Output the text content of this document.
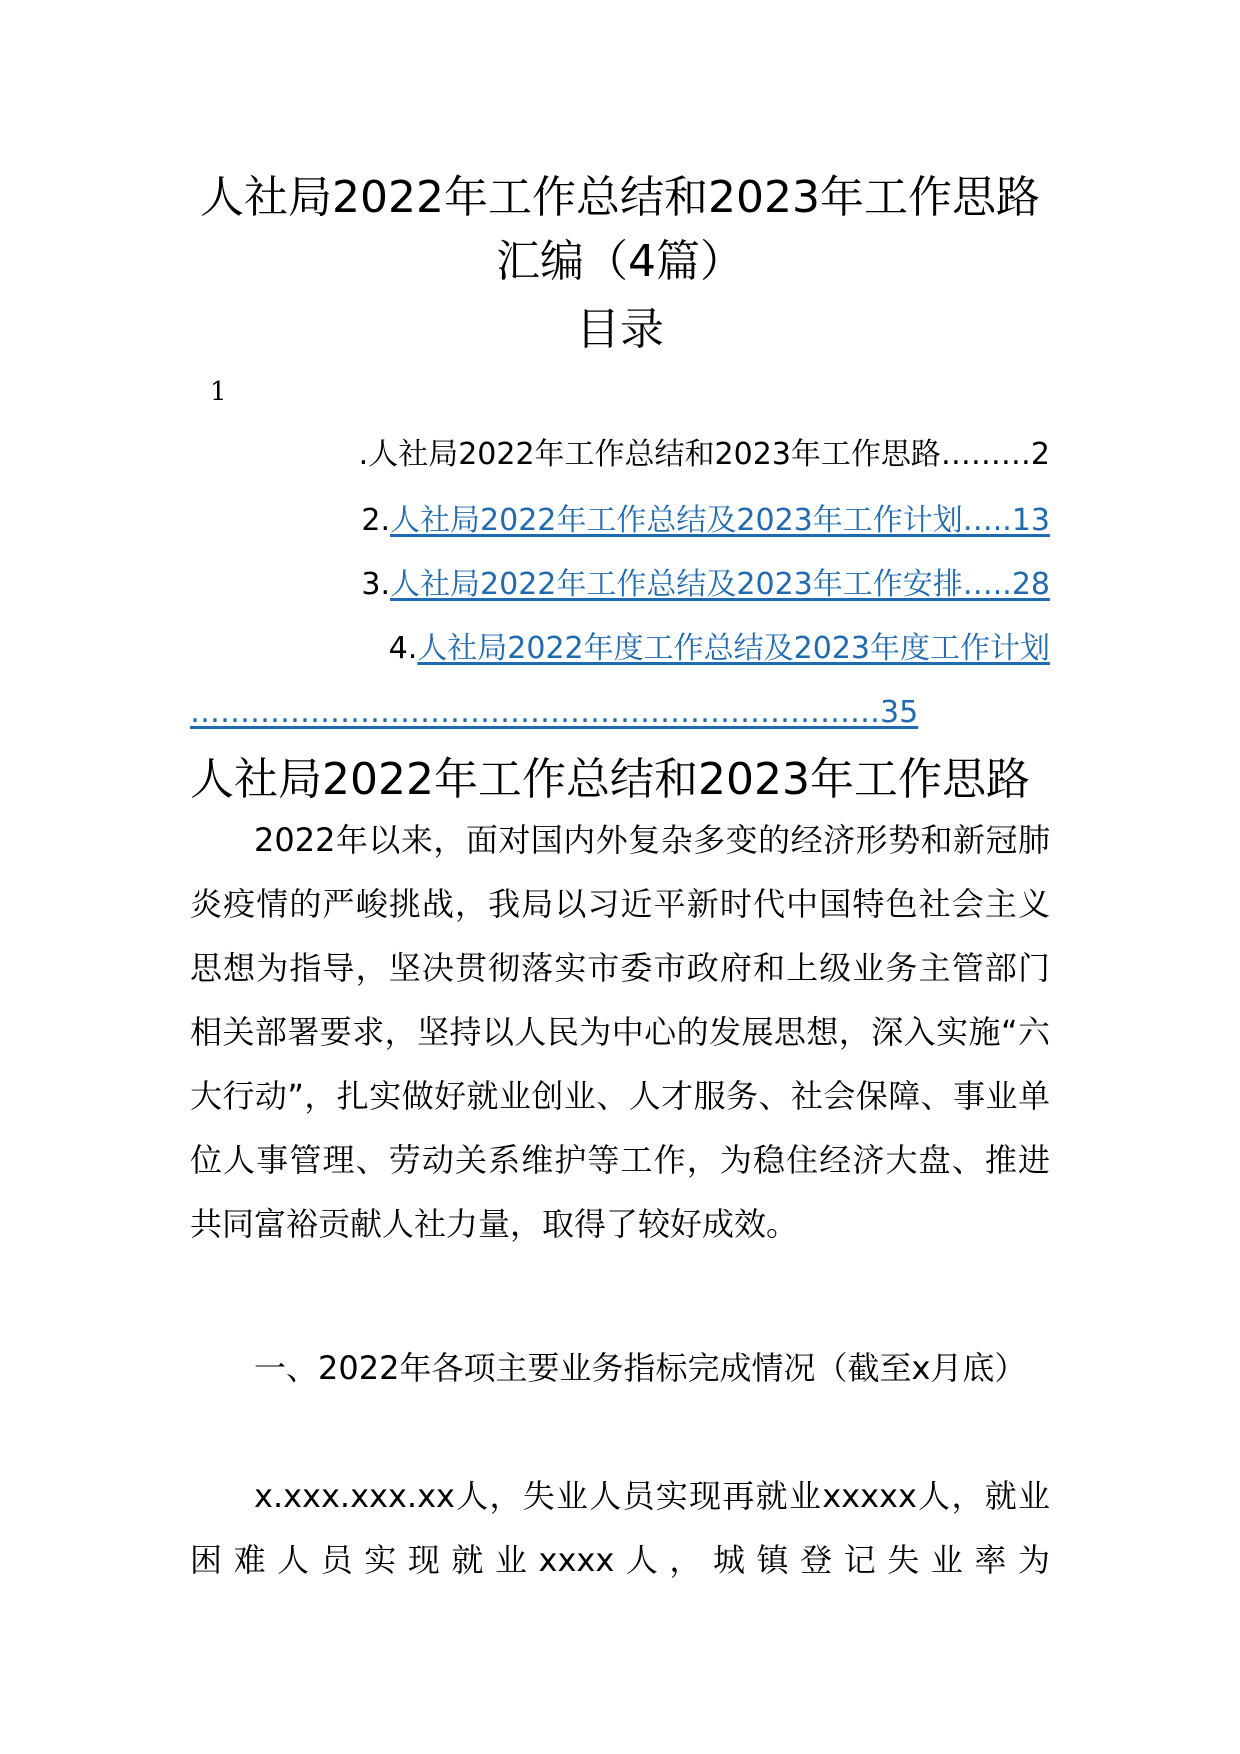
人社局2022年工作总结和2023年工作思路
汇编（4篇）
目录
1
.人社局2022年工作总结和2023年工作思路………2
2.人社局2022年工作总结及2023年工作计划…..13
3.人社局2022年工作总结及2023年工作安排…..28
4.人社局2022年度工作总结及2023年度工作计划
……………………………………………………………35
人社局2022年工作总结和2023年工作思路
2022年以来，面对国内外复杂多变的经济形势和新冠肺炎疫情的严峻挑战，我局以习近平新时代中国特色社会主义思想为指导，坚决贯彻落实市委市政府和上级业务主管部门相关部署要求，坚持以人民为中心的发展思想，深入实施“六大行动”，扎实做好就业创业、人才服务、社会保障、事业单位人事管理、劳动关系维护等工作，为稳住经济大盘、推进共同富裕贡献人社力量，取得了较好成效。
一、2022年各项主要业务指标完成情况（截至x月底）
x.xxx.xxx.xx人，失业人员实现再就业xxxxx人，就业困难人员实现就业xxxx人，城镇登记失业率为
